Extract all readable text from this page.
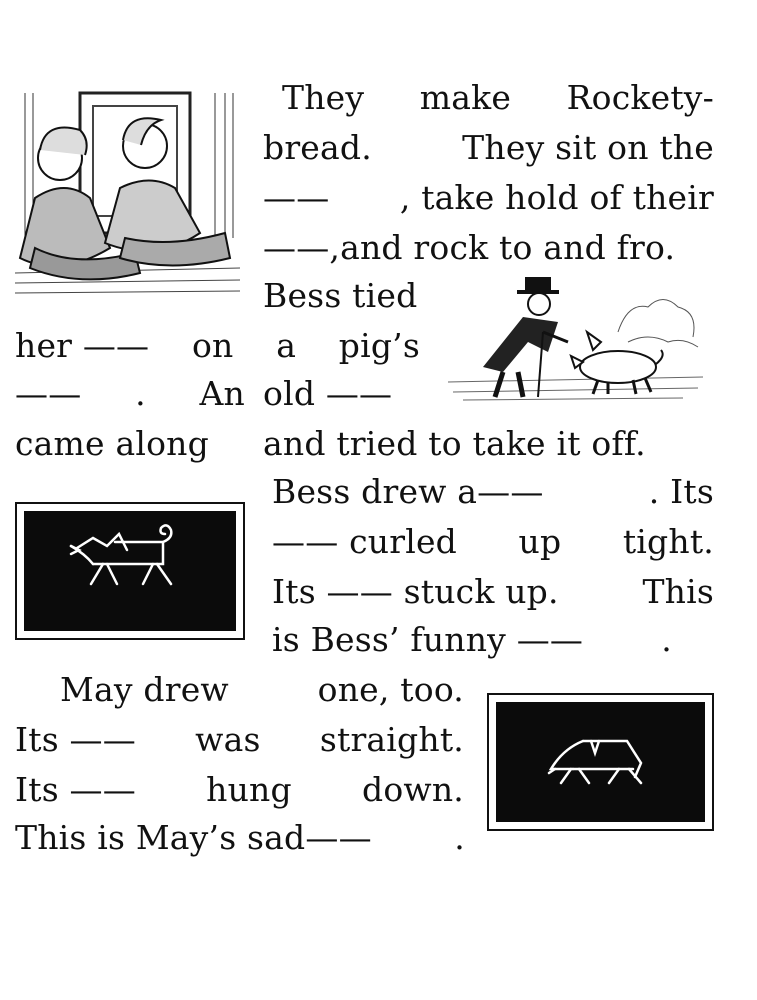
They make Rockety-
bread.	They sit on the
—— , take hold of their
——,and rock to and fro.
Bess tied
her —— on a pig’s
—— . An old ——
came along and tried to take it off.
Bess drew a——	. Its
—— curled up tight.
Its —— stuck up.	This
is Bess’ funny —— .
May drew	one, too.
Its —— was straight.
Its —— hung down.
This is May’s sad——	.
